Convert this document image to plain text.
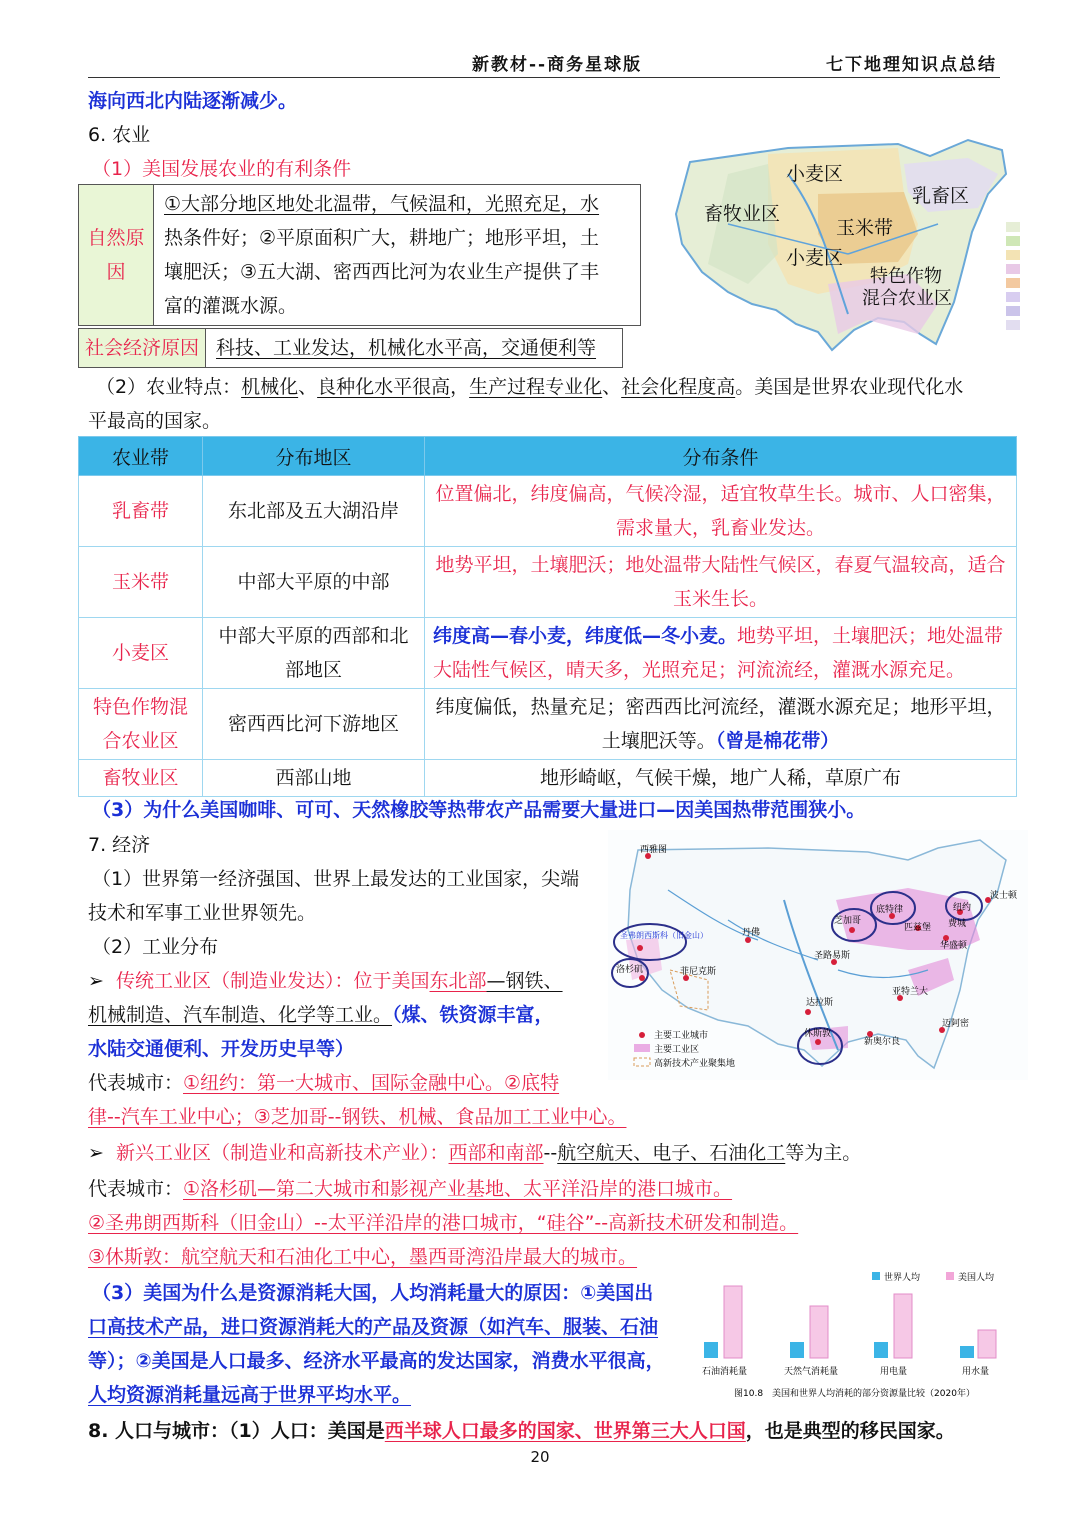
新教材--商务星球版	七下地理知识点总结
海向西北内陆逐渐减少。
6. 农业
（1）美国发展农业的有利条件
自然原因	
①大部分地区地处北温带，气候温和，光照充足，水
热条件好；②平原面积广大，耕地广；地形平坦，土
壤肥沃；③五大湖、密西西比河为农业生产提供了丰
富的灌溉水源。
社会经济原因	科技、工业发达，机械化水平高，交通便利等
小麦区
乳畜区
畜牧业区
玉米带
小麦区
特色作物
混合农业区
（2）农业特点：机械化、良种化水平很高，生产过程专业化、社会化程度高。美国是世界农业现代化水
平最高的国家。
农业带	分布地区	分布条件
乳畜带	东北部及五大湖沿岸	位置偏北，纬度偏高，气候冷湿，适宜牧草生长。城市、人口密集，需求量大，乳畜业发达。
玉米带	中部大平原的中部	地势平坦，土壤肥沃；地处温带大陆性气候区，春夏气温较高，适合玉米生长。
小麦区	中部大平原的西部和北部地区	纬度高—春小麦，纬度低—冬小麦。地势平坦，土壤肥沃；地处温带大陆性气候区，晴天多，光照充足；河流流经，灌溉水源充足。
特色作物混合农业区	密西西比河下游地区	纬度偏低，热量充足；密西西比河流经，灌溉水源充足；地形平坦，土壤肥沃等。（曾是棉花带）
畜牧业区	西部山地	地形崎岖，气候干燥，地广人稀，草原广布
（3）为什么美国咖啡、可可、天然橡胶等热带农产品需要大量进口—因美国热带范围狭小。
7. 经济
（1）世界第一经济强国、世界上最发达的工业国家，尖端
技术和军事工业世界领先。
（2）工业分布
➢  传统工业区（制造业发达）：位于美国东北部—钢铁、
机械制造、汽车制造、化学等工业。（煤、铁资源丰富，
水陆交通便利、开发历史早等）
代表城市：①纽约：第一大城市、国际金融中心。②底特
律--汽车工业中心；③芝加哥--钢铁、机械、食品加工工业中心。
➢  新兴工业区（制造业和高新技术产业）：西部和南部--航空航天、电子、石油化工等为主。
代表城市：①洛杉矶—第二大城市和影视产业基地、太平洋沿岸的港口城市。
②圣弗朗西斯科（旧金山）--太平洋沿岸的港口城市，“硅谷”--高新技术研发和制造。
③休斯敦：航空航天和石油化工中心，墨西哥湾沿岸最大的城市。
西雅图
圣弗朗西斯科（旧金山）
洛杉矶	菲尼克斯
丹佛
芝加哥
底特律
匹兹堡
纽约
波士顿
费城
华盛顿
圣路易斯
达拉斯
休斯敦
新奥尔良
亚特兰大
迈阿密
主要工业城市
主要工业区
高新技术产业聚集地
（3）美国为什么是资源消耗大国，人均消耗量大的原因：①美国出
口高技术产品，进口资源消耗大的产品及资源（如汽车、服装、石油
等）；②美国是人口最多、经济水平最高的发达国家，消费水平很高，
人均资源消耗量远高于世界平均水平。
世界人均	美国人均
石油消耗量	天然气消耗量	用电量	用水量
图10.8　美国和世界人均消耗的部分资源量比较（2020年）
8. 人口与城市：（1）人口：美国是西半球人口最多的国家、世界第三大人口国，也是典型的移民国家。
20
